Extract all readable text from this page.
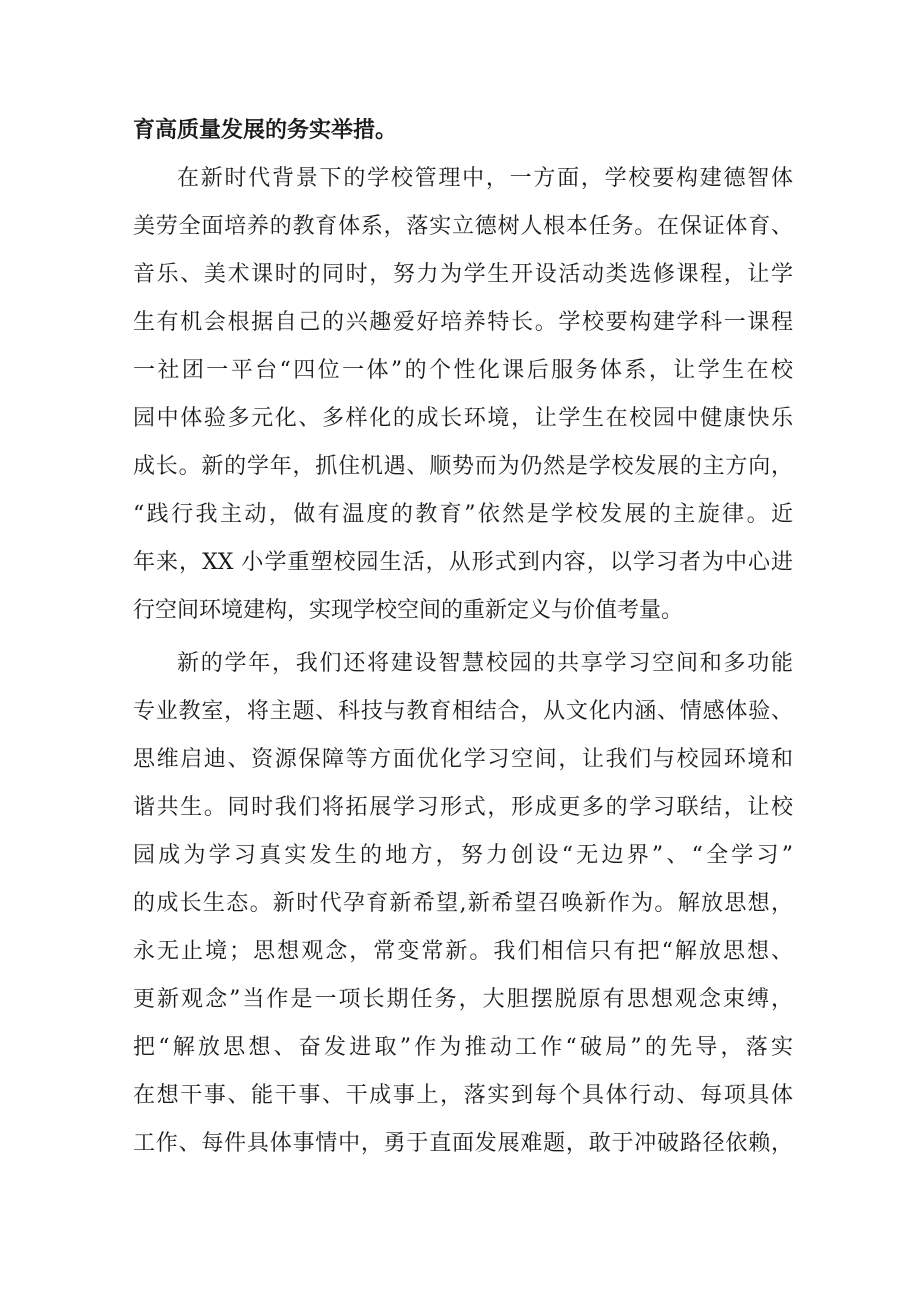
育高质量发展的务实举措。
在新时代背景下的学校管理中，一方面，学校要构建德智体
美劳全面培养的教育体系，落实立德树人根本任务。在保证体育、
音乐、美术课时的同时，努力为学生开设活动类选修课程，让学
生有机会根据自己的兴趣爱好培养特长。学校要构建学科一课程
一社团一平台“四位一体”的个性化课后服务体系，让学生在校
园中体验多元化、多样化的成长环境，让学生在校园中健康快乐
成长。新的学年，抓住机遇、顺势而为仍然是学校发展的主方向，
“践行我主动，做有温度的教育”依然是学校发展的主旋律。近
年来，XX 小学重塑校园生活，从形式到内容，以学习者为中心进
行空间环境建构，实现学校空间的重新定义与价值考量。
新的学年，我们还将建设智慧校园的共享学习空间和多功能
专业教室，将主题、科技与教育相结合，从文化内涵、情感体验、
思维启迪、资源保障等方面优化学习空间，让我们与校园环境和
谐共生。同时我们将拓展学习形式，形成更多的学习联结，让校
园成为学习真实发生的地方，努力创设“无边界”、“全学习”
的成长生态。新时代孕育新希望,新希望召唤新作为。解放思想，
永无止境；思想观念，常变常新。我们相信只有把“解放思想、
更新观念”当作是一项长期任务，大胆摆脱原有思想观念束缚，
把“解放思想、奋发进取”作为推动工作“破局”的先导，落实
在想干事、能干事、干成事上，落实到每个具体行动、每项具体
工作、每件具体事情中，勇于直面发展难题，敢于冲破路径依赖，
